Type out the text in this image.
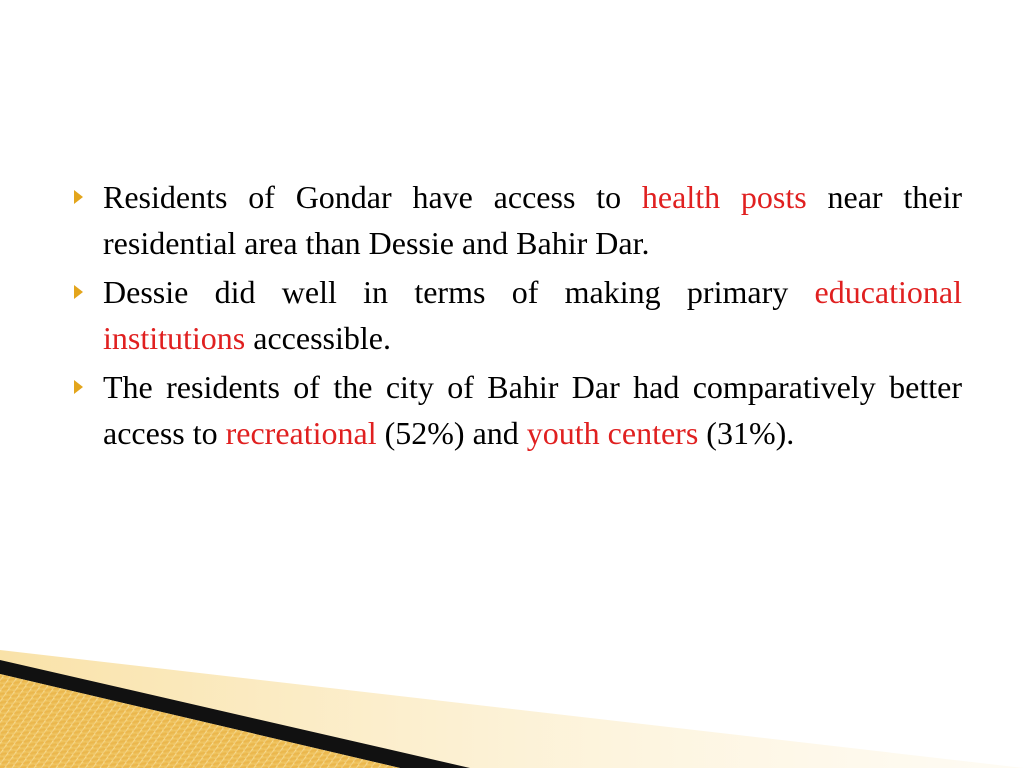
Residents of Gondar have access to health posts near their residential area than Dessie and Bahir Dar.
Dessie did well in terms of making primary educational institutions accessible.
The residents of the city of Bahir Dar had comparatively better access to recreational (52%) and youth centers (31%).
